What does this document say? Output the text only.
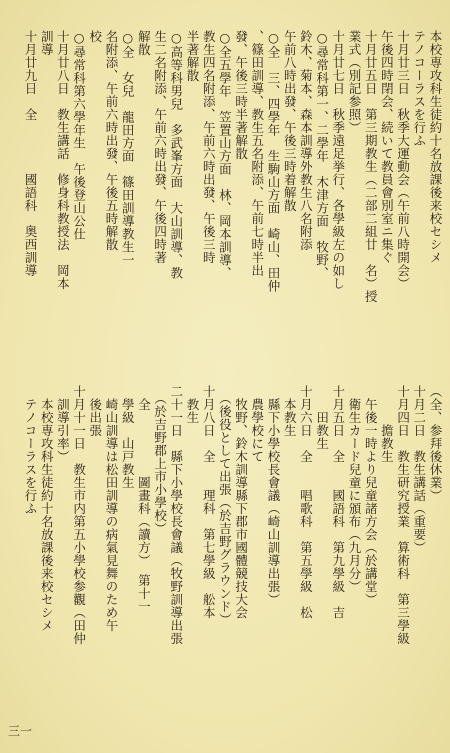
本校専攻科生徒約十名放課後来校セシメ
テノコーラスを行ふ
十月廿三日　秋季大運動会（午前八時開会）
午後四時閉会、続いて教員會別室ニ集ぐ
十月廿五日　第三期教生（二部二組廿　名）授
業式（別記参照）
十月廿七日　秋季遠足挙行、各學級左の如し
○尋常科第一、二學年　木津方面　牧野、
鈴木、菊本、森本訓導外教生八名附添
午前八時出發、午後三時着解散
○全　三、四學年　生駒山方面　崎山、田仲
、篠田訓導、教生五名附添、午前七時半出
發、午後三時半著解散
○全五學年　笠置山方面　林、岡本訓導、
教生四名附添、午前六時出發、午後三時
半著解散
○高等科男兒　多武峯方面　大山訓導、教
生二名附添、午前六時出發、午後四時著
解散
○全　女兒　龍田方面　篠田訓導教生一
名附添、午前六時出發、午後五時解散
校
○尋常科第六學年生　午後登山公仕
十月廿八日　教生講話　修身科教授法　岡本
訓導
十月廿九日　全　　　　國語科　奥西訓導
（全、参拜後休業）
十月二日　教生講話（重要）
十月四日　教生研究授業　算術科　第三學級
　　　擔教生
　午後一時より兒童諸方会（於講堂）
　衛生カード兒童に頒布（九月分）
十月五日　全　　國語科　第九學級　吉
　　田教生
十月六日　全　　唱歌科　第五學級　松
　本教生
　縣下小學校長會議（崎山訓導出張）
　農學校にて
　牧野、鈴木訓導縣下郡市國體競技大会
　（後役として出張（於吉野グラウンド）
十月八日　全　　理科　第七學級　舩本
　教生
二十一日　縣下小學校長會議（牧野訓導出張
　（於吉野郡上市小學校）
　全　　　　　圖畫科（讀方）　第十一
　學級　山戸教生
　崎山訓導は松田訓導の病氣見舞のため午
　後出張
十月十一日　教生市内第五小學校参觀（田仲
　訓導引率）
　本校専攻科生徒約十名放課後来校セシメ
　テノコーラスを行ふ
三一
